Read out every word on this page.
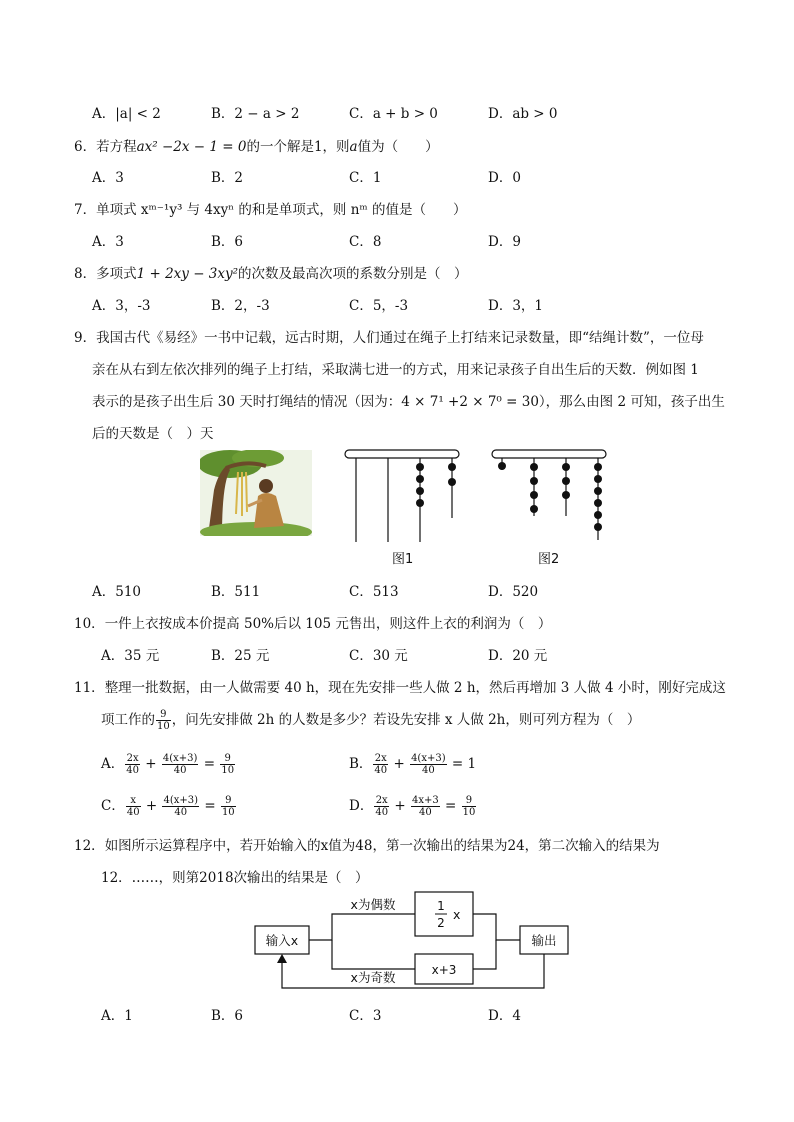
A．|a| < 2	B．2 − a > 2	C．a + b > 0	D．ab > 0
6．若方程ax² −2x − 1 = 0的一个解是1，则a值为（　　）
A．3	B．2	C．1	D．0
7．单项式 xᵐ⁻¹y³ 与 4xyⁿ 的和是单项式，则 nᵐ 的值是（　　）
A．3	B．6	C．8	D．9
8．多项式1 + 2xy − 3xy²的次数及最高次项的系数分别是（　）
A．3，-3	B．2，-3	C．5，-3	D．3，1
9．我国古代《易经》一书中记载，远古时期，人们通过在绳子上打结来记录数量，即“结绳计数”，一位母
亲在从右到左依次排列的绳子上打结，采取满七进一的方式，用来记录孩子自出生后的天数．例如图 1
表示的是孩子出生后 30 天时打绳结的情况（因为：4 × 7¹ +2 × 7⁰ = 30），那么由图 2 可知，孩子出生
后的天数是（　）天
图1	图2
A．510	B．511	C．513	D．520
10．一件上衣按成本价提高 50%后以 105 元售出，则这件上衣的利润为（　）
A．35 元	B．25 元	C．30 元	D．20 元
11．整理一批数据，由一人做需要 40 h，现在先安排一些人做 2 h，然后再增加 3 人做 4 小时，刚好完成这
项工作的 $\frac{9}{10}$ ，问先安排做 2h 的人数是多少？若设先安排 x 人做 2h，则可列方程为（　）
A． $\frac{2x}{40} + \frac{4(x+3)}{40} = \frac{9}{10}$	B． $\frac{2x}{40} + \frac{4(x+3)}{40} = 1$
C． $\frac{x}{40} + \frac{4(x+3)}{40} = \frac{9}{10}$	D． $\frac{2x}{40} + \frac{4x+3}{40} = \frac{9}{10}$
12．如图所示运算程序中，若开始输入的x值为48，第一次输出的结果为24，第二次输入的结果为
12．……，则第2018次输出的结果是（　）
输入x	输出
x为偶数
x为奇数
1
2
x
x+3
A．1	B．6	C．3	D．4
